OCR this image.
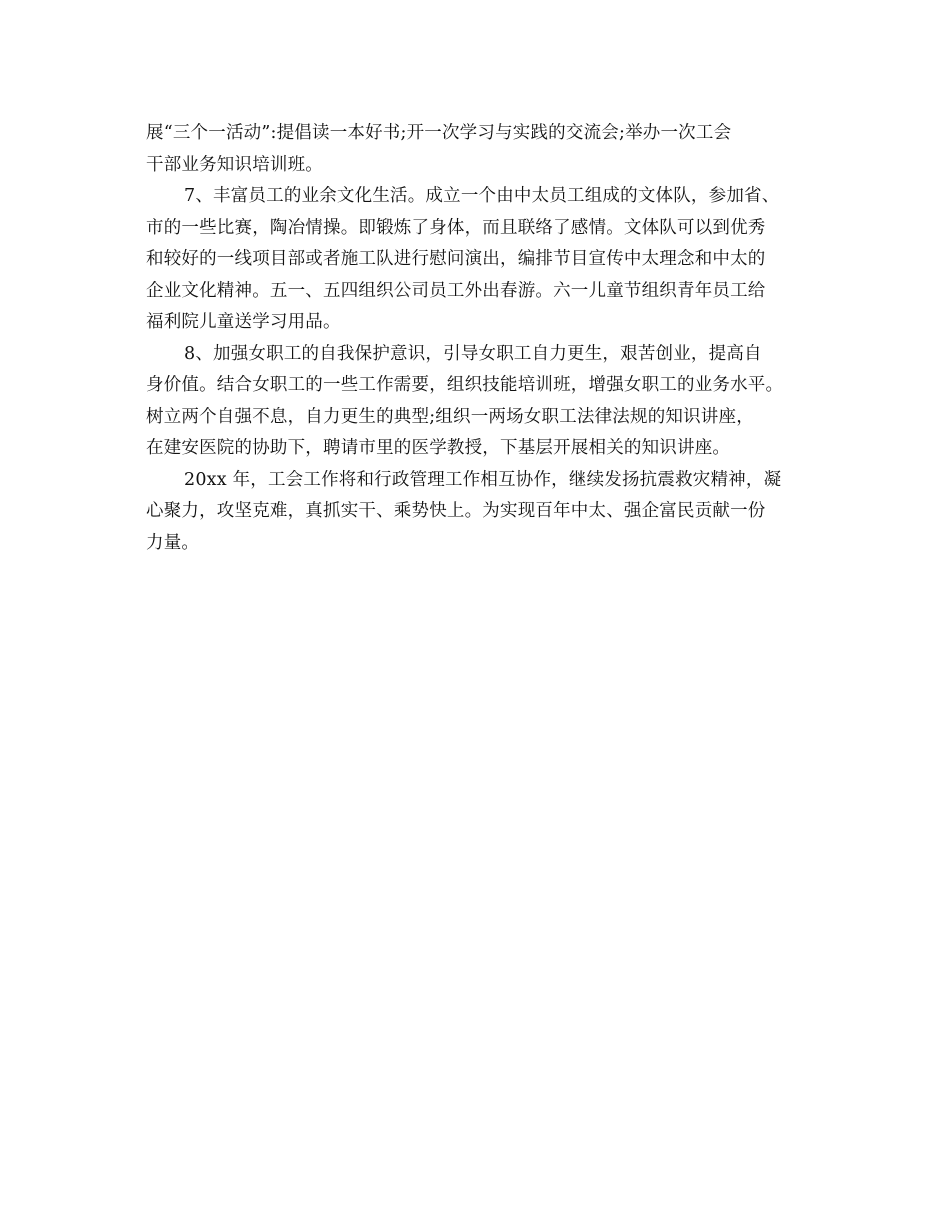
展“三个一活动”:提倡读一本好书;开一次学习与实践的交流会;举办一次工会
干部业务知识培训班。
7、丰富员工的业余文化生活。成立一个由中太员工组成的文体队，参加省、
市的一些比赛，陶冶情操。即锻炼了身体，而且联络了感情。文体队可以到优秀
和较好的一线项目部或者施工队进行慰问演出，编排节目宣传中太理念和中太的
企业文化精神。五一、五四组织公司员工外出春游。六一儿童节组织青年员工给
福利院儿童送学习用品。
8、加强女职工的自我保护意识，引导女职工自力更生，艰苦创业，提高自
身价值。结合女职工的一些工作需要，组织技能培训班，增强女职工的业务水平。
树立两个自强不息，自力更生的典型;组织一两场女职工法律法规的知识讲座，
在建安医院的协助下，聘请市里的医学教授，下基层开展相关的知识讲座。
20xx 年，工会工作将和行政管理工作相互协作，继续发扬抗震救灾精神，凝
心聚力，攻坚克难，真抓实干、乘势快上。为实现百年中太、强企富民贡献一份
力量。
